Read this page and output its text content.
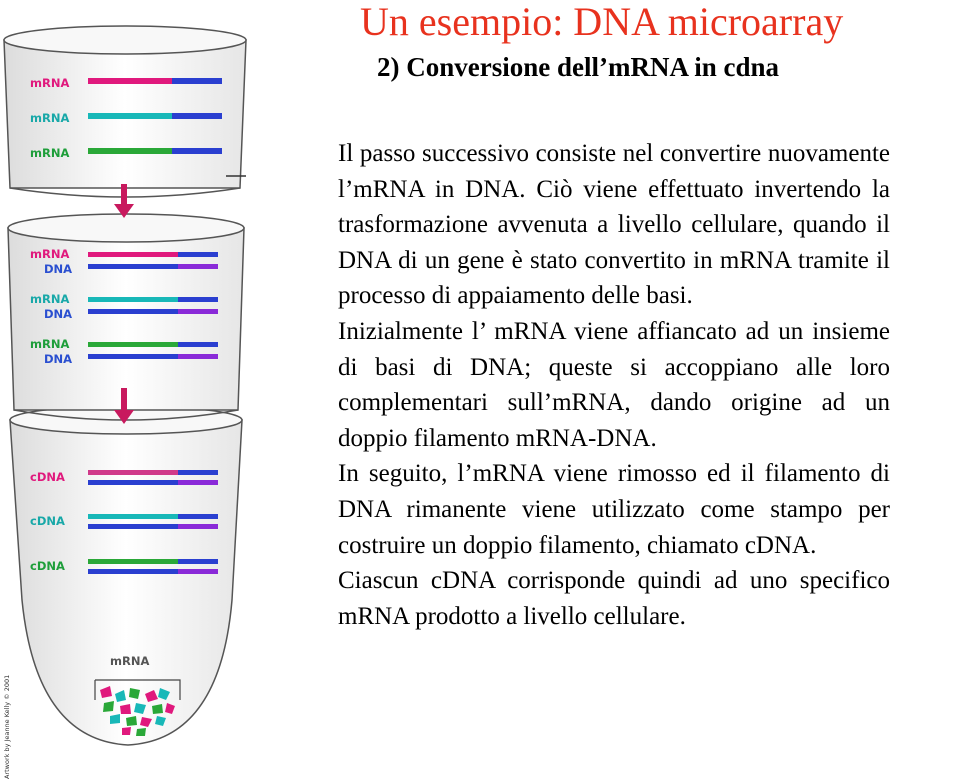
mRNA
mRNA
mRNA
mRNA
DNA
mRNA
DNA
mRNA
DNA
cDNA
cDNA
cDNA
mRNA
Artwork by Jeanne Kelly © 2001
Un esempio: DNA microarray
2) Conversione dell’mRNA in cdna

Il passo successivo consiste nel convertire nuovamente l’mRNA in DNA. Ciò viene effettuato invertendo la trasformazione avvenuta a livello cellulare, quando il DNA di un gene è stato convertito in mRNA tramite il processo di appaiamento delle basi.

Inizialmente l’ mRNA viene affiancato ad un insieme di basi di DNA; queste si accoppiano alle loro complementari sull’mRNA, dando origine ad un doppio filamento mRNA-DNA.

In seguito, l’mRNA viene rimosso ed il filamento di DNA rimanente viene utilizzato come stampo per costruire un doppio filamento, chiamato cDNA.

Ciascun cDNA corrisponde quindi ad uno specifico mRNA prodotto a livello cellulare.
